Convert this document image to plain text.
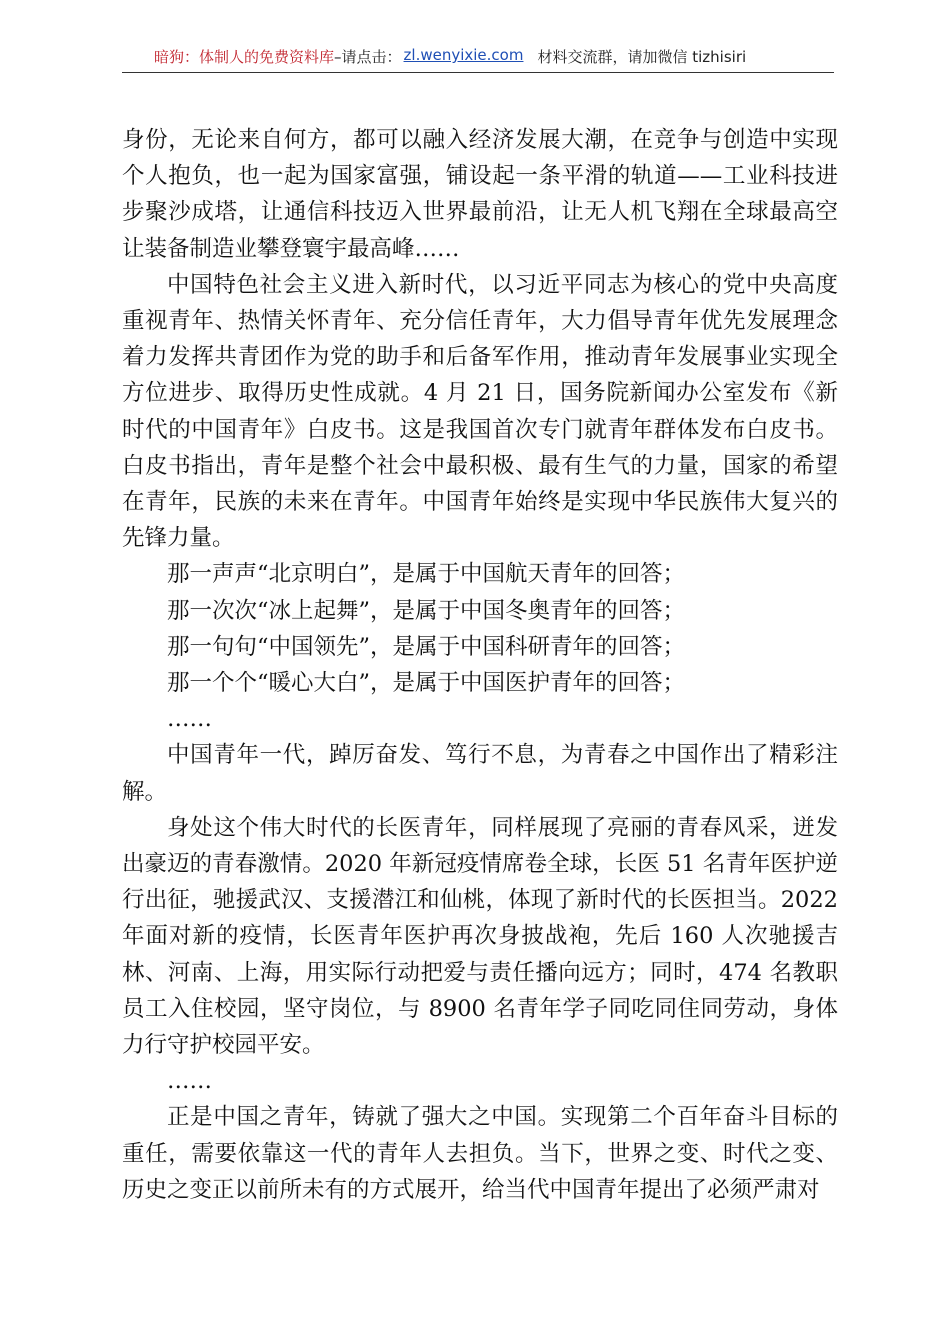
暗狗：体制人的免费资料库 –请点击： zl.wenyixie.com 材料交流群，请加微信 tizhisiri

身份，无论来自何方，都可以融入经济发展大潮，在竞争与创造中实现个人抱负，也一起为国家富强，铺设起一条平滑的轨道——工业科技进步聚沙成塔，让通信科技迈入世界最前沿，让无人机飞翔在全球最高空让装备制造业攀登寰宇最高峰……

中国特色社会主义进入新时代，以习近平同志为核心的党中央高度重视青年、热情关怀青年、充分信任青年，大力倡导青年优先发展理念着力发挥共青团作为党的助手和后备军作用，推动青年发展事业实现全方位进步、取得历史性成就。4 月 21 日，国务院新闻办公室发布《新时代的中国青年》白皮书。这是我国首次专门就青年群体发布白皮书。白皮书指出，青年是整个社会中最积极、最有生气的力量，国家的希望在青年，民族的未来在青年。中国青年始终是实现中华民族伟大复兴的先锋力量。

那一声声“北京明白”，是属于中国航天青年的回答；

那一次次“冰上起舞”，是属于中国冬奥青年的回答；

那一句句“中国领先”，是属于中国科研青年的回答；

那一个个“暖心大白”，是属于中国医护青年的回答；

……

中国青年一代，踔厉奋发、笃行不息，为青春之中国作出了精彩注解。

身处这个伟大时代的长医青年，同样展现了亮丽的青春风采，迸发出豪迈的青春激情。2020 年新冠疫情席卷全球，长医 51 名青年医护逆行出征，驰援武汉、支援潜江和仙桃，体现了新时代的长医担当。2022 年面对新的疫情，长医青年医护再次身披战袍，先后 160 人次驰援吉林、河南、上海，用实际行动把爱与责任播向远方；同时，474 名教职员工入住校园，坚守岗位，与 8900 名青年学子同吃同住同劳动，身体力行守护校园平安。

……

正是中国之青年，铸就了强大之中国。实现第二个百年奋斗目标的重任，需要依靠这一代的青年人去担负。当下，世界之变、时代之变、历史之变正以前所未有的方式展开，给当代中国青年提出了必须严肃对
